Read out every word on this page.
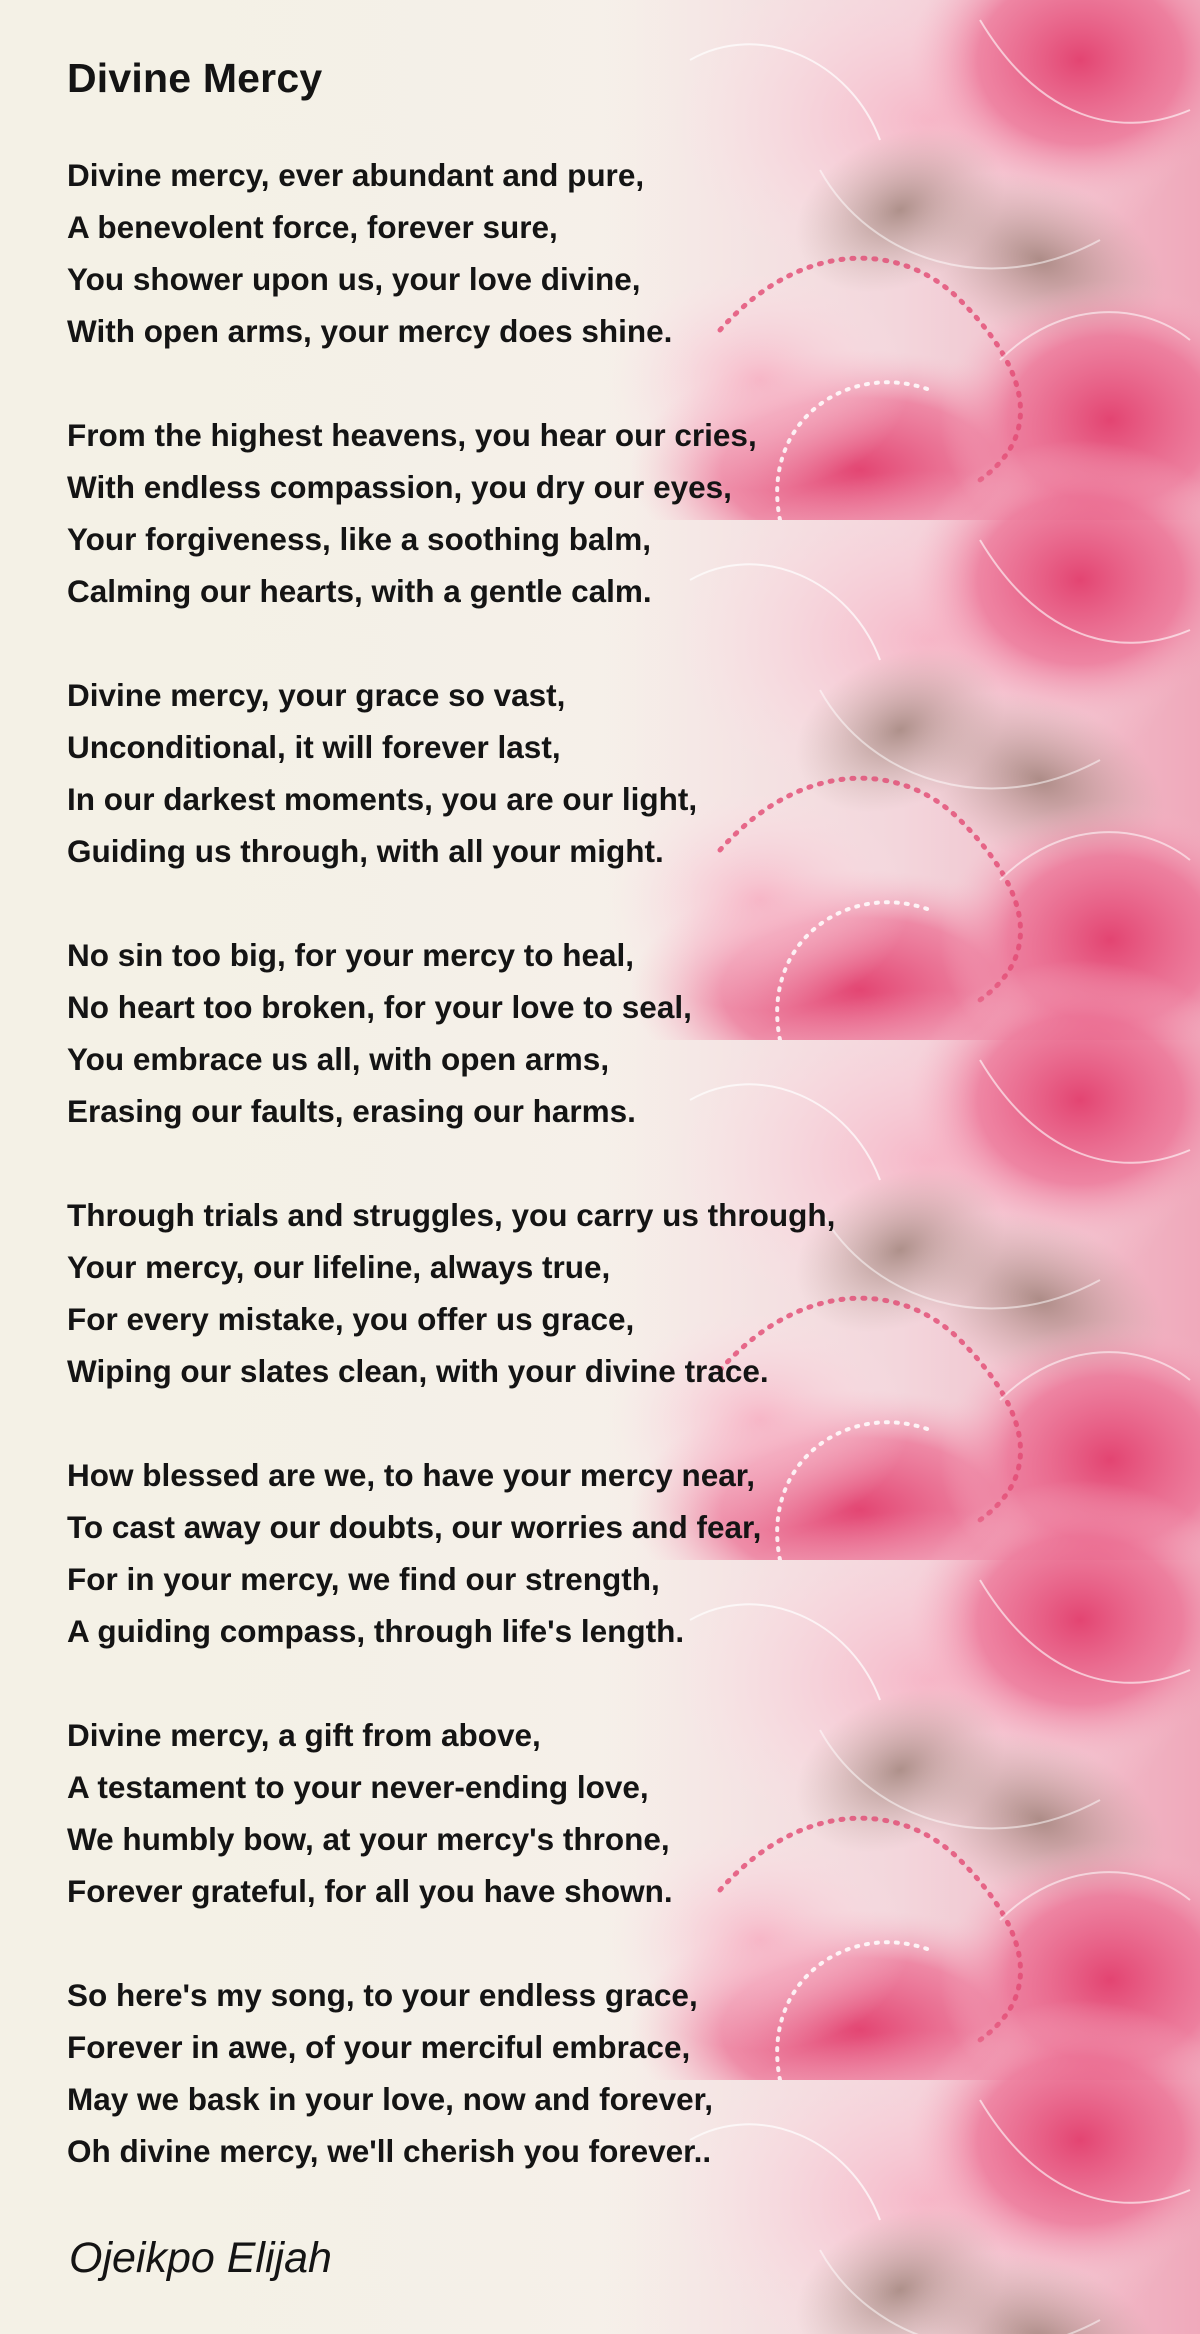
Divine Mercy
Divine mercy, ever abundant and pure,
A benevolent force, forever sure,
You shower upon us, your love divine,
With open arms, your mercy does shine.
From the highest heavens, you hear our cries,
With endless compassion, you dry our eyes,
Your forgiveness, like a soothing balm,
Calming our hearts, with a gentle calm.
Divine mercy, your grace so vast,
Unconditional, it will forever last,
In our darkest moments, you are our light,
Guiding us through, with all your might.
No sin too big, for your mercy to heal,
No heart too broken, for your love to seal,
You embrace us all, with open arms,
Erasing our faults, erasing our harms.
Through trials and struggles, you carry us through,
Your mercy, our lifeline, always true,
For every mistake, you offer us grace,
Wiping our slates clean, with your divine trace.
How blessed are we, to have your mercy near,
To cast away our doubts, our worries and fear,
For in your mercy, we find our strength,
A guiding compass, through life's length.
Divine mercy, a gift from above,
A testament to your never-ending love,
We humbly bow, at your mercy's throne,
Forever grateful, for all you have shown.
So here's my song, to your endless grace,
Forever in awe, of your merciful embrace,
May we bask in your love, now and forever,
Oh divine mercy, we'll cherish you forever..
Ojeikpo Elijah
